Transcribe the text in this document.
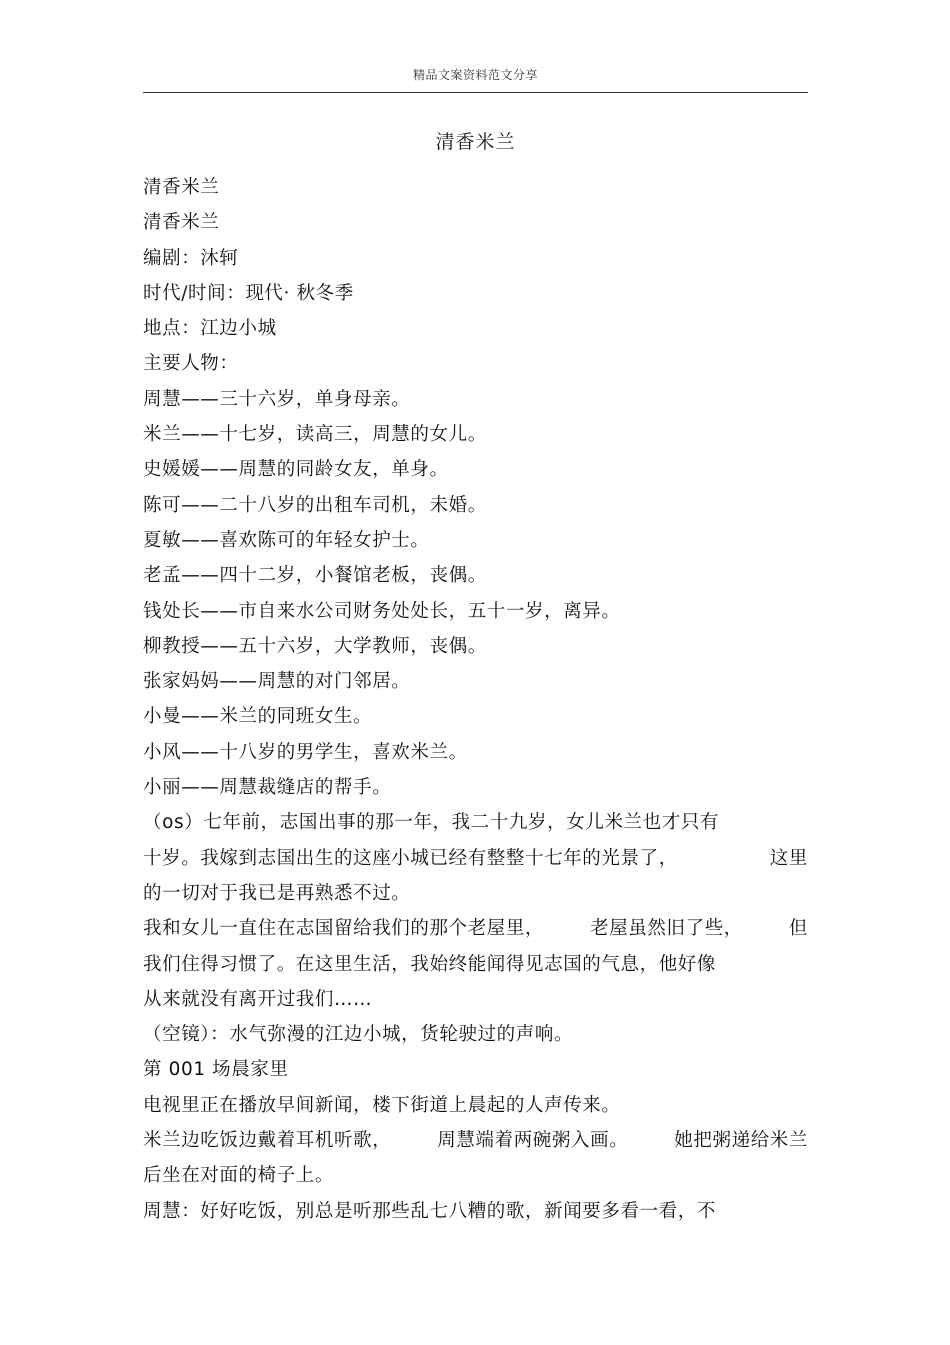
精品文案资料范文分享
清香米兰
清香米兰
清香米兰
编剧：沐轲
时代/时间：现代· 秋冬季
地点：江边小城
主要人物：
周慧——三十六岁，单身母亲。
米兰——十七岁，读高三，周慧的女儿。
史媛媛——周慧的同龄女友，单身。
陈可——二十八岁的出租车司机，未婚。
夏敏——喜欢陈可的年轻女护士。
老孟——四十二岁，小餐馆老板，丧偶。
钱处长——市自来水公司财务处处长，五十一岁，离异。
柳教授——五十六岁，大学教师，丧偶。
张家妈妈——周慧的对门邻居。
小曼——米兰的同班女生。
小风——十八岁的男学生，喜欢米兰。
小丽——周慧裁缝店的帮手。
（os）七年前，志国出事的那一年，我二十九岁，女儿米兰也才只有
十岁。我嫁到志国出生的这座小城已经有整整十七年的光景了，	这里
的一切对于我已是再熟悉不过。
我和女儿一直住在志国留给我们的那个老屋里， 老屋虽然旧了些， 但
我们住得习惯了。在这里生活，我始终能闻得见志国的气息，他好像
从来就没有离开过我们……
（空镜）：水气弥漫的江边小城，货轮驶过的声响。
第 001 场晨家里
电视里正在播放早间新闻，楼下街道上晨起的人声传来。
米兰边吃饭边戴着耳机听歌， 周慧端着两碗粥入画。 她把粥递给米兰
后坐在对面的椅子上。
周慧：好好吃饭，别总是听那些乱七八糟的歌，新闻要多看一看，不
